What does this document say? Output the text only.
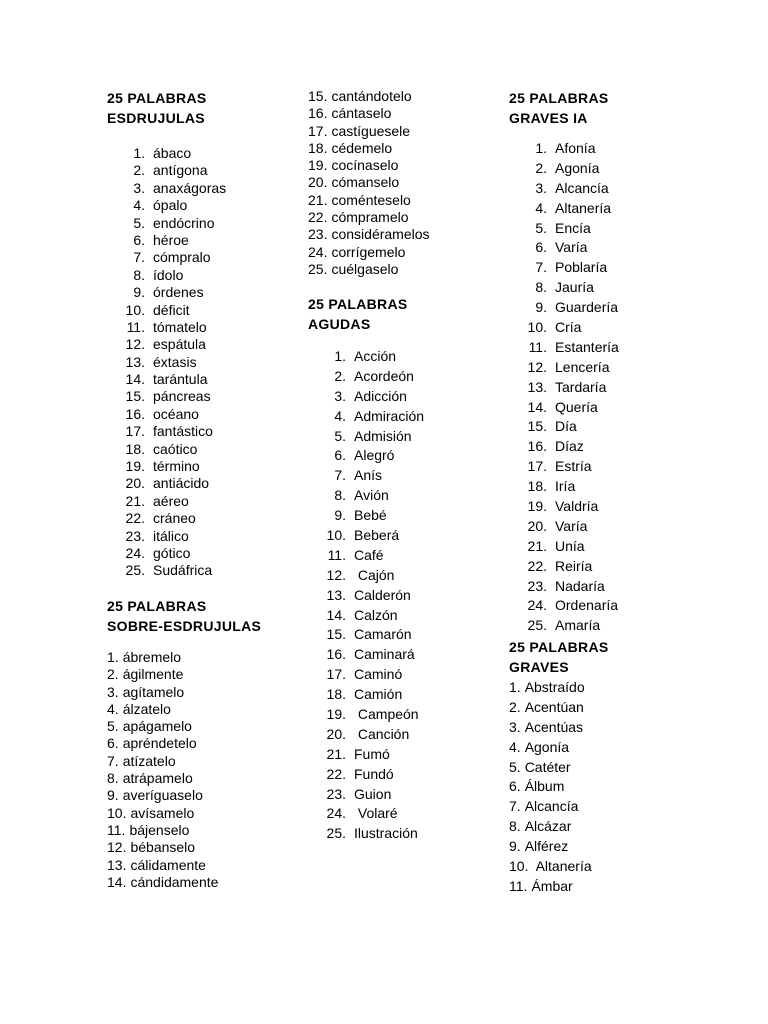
25 PALABRAS

ESDRUJULAS

1. ábaco
2. antígona
3. anaxágoras
4. ópalo
5. endócrino
6. héroe
7. cómpralo
8. ídolo
9. órdenes
10. déficit
11. tómatelo
12. espátula
13. éxtasis
14. tarántula
15. páncreas
16. océano
17. fantástico
18. caótico
19. término
20. antiácido
21. aéreo
22. cráneo
23. itálico
24. gótico
25. Sudáfrica

25 PALABRAS

SOBRE-ESDRUJULAS

1. ábremelo
2. ágilmente
3. agítamelo
4. álzatelo
5. apágamelo
6. apréndetelo
7. atízatelo
8. atrápamelo
9. averíguaselo
10. avísamelo
11. bájenselo
12. bébanselo
13. cálidamente
14. cándidamente
15. cantándotelo
16. cántaselo
17. castíguesele
18. cédemelo
19. cocínaselo
20. cómanselo
21. coménteselo
22. cómpramelo
23. considéramelos
24. corrígemelo
25. cuélgaselo

25 PALABRAS

AGUDAS

1. Acción
2. Acordeón
3. Adicción
4. Admiración
5. Admisión
6. Alegró
7. Anís
8. Avión
9. Bebé
10. Beberá
11. Café
12. Cajón
13. Calderón
14. Calzón
15. Camarón
16. Caminará
17. Caminó
18. Camión
19. Campeón
20. Canción
21. Fumó
22. Fundó
23. Guion
24. Volaré
25. Ilustración

25 PALABRAS

GRAVES IA

1. Afonía
2. Agonía
3. Alcancía
4. Altanería
5. Encía
6. Varía
7. Poblaría
8. Jauría
9. Guardería
10. Cría
11. Estantería
12. Lencería
13. Tardaría
14. Quería
15. Día
16. Díaz
17. Estría
18. Iría
19. Valdría
20. Varía
21. Unía
22. Reiría
23. Nadaría
24. Ordenaría
25. Amaría

25 PALABRAS

GRAVES

1. Abstraído
2. Acentúan
3. Acentúas
4. Agonía
5. Catéter
6. Álbum
7. Alcancía
8. Alcázar
9. Alférez
10. Altanería
11. Ámbar
